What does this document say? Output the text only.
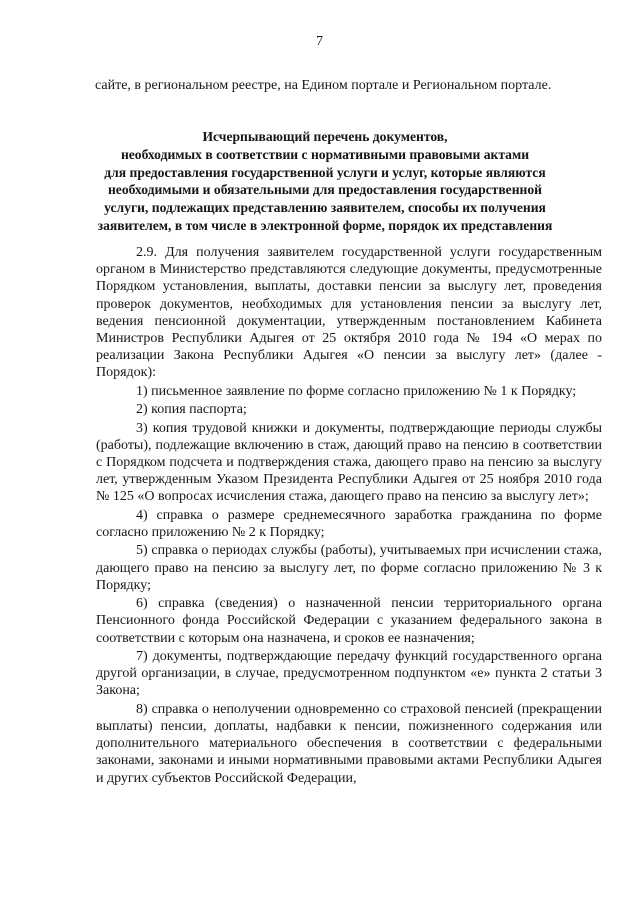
7
сайте, в региональном реестре, на Едином портале и Региональном портале.
Исчерпывающий перечень документов,
необходимых в соответствии с нормативными правовыми актами
для предоставления государственной услуги и услуг, которые являются
необходимыми и обязательными для предоставления государственной
услуги, подлежащих представлению заявителем, способы их получения
заявителем, в том числе в электронной форме, порядок их представления

2.9. Для получения заявителем государственной услуги государственным органом в Министерство представляются следующие документы, предусмотренные Порядком установления, выплаты, доставки пенсии за выслугу лет, проведения проверок документов, необходимых для установления пенсии за выслугу лет, ведения пенсионной документации, утвержденным постановлением Кабинета Министров Республики Адыгея от 25 октября 2010 года № 194 «О мерах по реализации Закона Республики Адыгея «О пенсии за выслугу лет» (далее - Порядок):

1) письменное заявление по форме согласно приложению № 1 к Порядку;

2) копия паспорта;

3) копия трудовой книжки и документы, подтверждающие периоды службы (работы), подлежащие включению в стаж, дающий право на пенсию в соответствии с Порядком подсчета и подтверждения стажа, дающего право на пенсию за выслугу лет, утвержденным Указом Президента Республики Адыгея от 25 ноября 2010 года № 125 «О вопросах исчисления стажа, дающего право на пенсию за выслугу лет»;

4) справка о размере среднемесячного заработка гражданина по форме согласно приложению № 2 к Порядку;

5) справка о периодах службы (работы), учитываемых при исчислении стажа, дающего право на пенсию за выслугу лет, по форме согласно приложению № 3 к Порядку;

6) справка (сведения) о назначенной пенсии территориального органа Пенсионного фонда Российской Федерации с указанием федерального закона в соответствии с которым она назначена, и сроков ее назначения;

7) документы, подтверждающие передачу функций государственного органа другой организации, в случае, предусмотренном подпунктом «е» пункта 2 статьи 3 Закона;

8) справка о неполучении одновременно со страховой пенсией (прекращении выплаты) пенсии, доплаты, надбавки к пенсии, пожизненного содержания или дополнительного материального обеспечения в соответствии с федеральными законами, законами и иными нормативными правовыми актами Республики Адыгея и других субъектов Российской Федерации,
